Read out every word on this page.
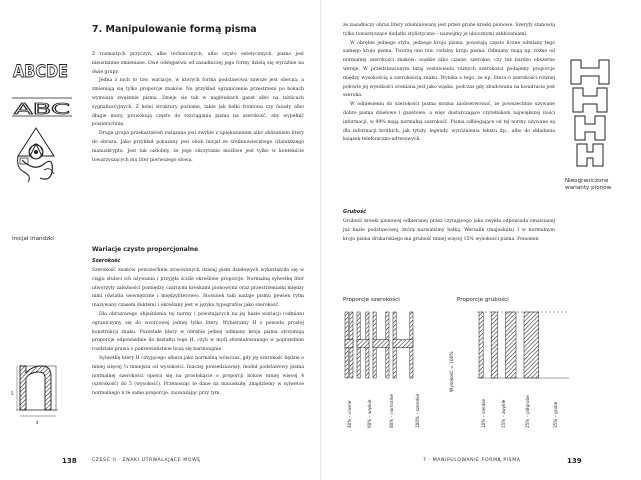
ABCDE
ABC
Inicjał irlandzki
5
4
7. Manipulowanie formą pisma

Z rozmaitych przyczyn, albo technicznych, albo czysto estetycznych, pismo jest nieustannie zmieniane. Owe odstępstwa od zasadniczej jego formy dzielą się wyraźnie na dwie grupy.

Jedna z nich to tzw. wariacje, w których forma podstawowa zawsze jest obecna, a zmieniają się tylko proporcje znaków. Na przykład ograniczenie przestrzeni po bokach wymusza zwężenie pisma. Dzieje się tak w nagłówkach gazet albo na tablicach sygnalizacyjnych. Z kolei struktury poziome, takie jak belki frontonu czy fasady albo długie mury, prowokują często do rozciągania pisma na szerokość, aby wypełnić powierzchnię.

Druga grupa przekształceń związana jest zwykle z upiększaniem albo zbliżaniem litery do obrazu. Jako przykład pokazany jest obok inicjał ze średniowiecznego irlandzkiego manuskryptu. Jest tak ozdobny, że jego odczytanie możliwe jest tylko w kontekście towarzyszących mu liter pierwszego słowa.

Wariacje czysto proporcjonalne
Szerokość

Szerokość znaków powszechnie stosowanych dzisiaj pism dziełowych wykształciła się w ciągu stuleci ich używania i przyjęła ściśle określone proporcje. Normalną sylwetkę liter utworzyły zależności pomiędzy czarnymi kreskami pionowymi oraz przestrzeniami między nimi (światła wewnętrzne i międzyliterowe). Stosunek taki nadaje pismu pewien rytm (nazywany czasem duktem) i określany jest w języku typografów jako szerokość.

Dla obrazowego objaśnienia tej normy i powstających na jej bazie wariacji (odmian) ograniczymy się do wzorcowej jednej tylko litery. Wybieramy H z powodu prostej konstrukcji znaku. Pozostałe litery w obrębie jednej odmiany kroju pisma otrzymują proporcje odpowiednie do kształtu tego H, czyli w myśl sformułowanego w poprzednim rozdziale prawa o pokrewieństwie liczą się harmonijnie.

Sylwetkę litery H cztyjącego albera jako normalną wówczas, gdy jej szerokość będzie o mniej więcej ¼ mniejsza od wysokości. Inaczej powiedziawszy, moduł podstawowy pisma normalnej szerokości opiera się na prostokącie o proporcji boków mniej więcej 4 (szerokość) do 5 (wysokość). Przenosząc te dane na minuskułę, znajdziemy w sylwetce normalnego n te same proporcje, zauważając przy tym,

138	CZĘŚĆ II · ZNAKI UTRWALAJĄCE MOWĘ

że zasadniczy obraz litery zdominowany jest przez grube kreski pionowe. Szeryfy stanowią tylko towarzyszące dodatki stylistyczne – nazwijmy je ubocznymi zakłóceniami.

W obrębie jednego stylu, jednego kroju pisma, powstają często liczne odmiany tego samego kroju pisma. Tworzą one tzw. rodziny kroju pisma. Odmiany mają np. różne od normalnej szerokości znaków: wąskie albo ciasne, szerokie, czy też bardzo obszerne wersje. W przedstawionym tutaj zestawieniu różnych szerokości podajemy proporcje między wysokością a szerokością znaku. Wynika z tego, że np. litera o szerokości równej połowie jej wysokości oceniana jest jako wąska, podczas gdy zbudowana na kwadracie jest szeroka.

W odniesieniu do szerokości pisma można zaobserwować, że powszechnie używane dobre pisma dziełowe i gazetowe, a więc dostarczające czytelnikom największej ilości informacji, w 99% mają normalną szerokość. Pisma odbiegające od tej normy używane są dla informacji krótkich, jak tytuły, legendy, wyróżnienia tekstu itp., albo do składania książek telefoniczno-adresowych.

Grubość

Grubość kreski pionowej odbieranej przez czytającego jako zwykła odpowiada omawianej już bazie podstawowej, którą nazwaliśmy bełką. Wersalik (majuskuła) I w normalnym kroju pisma drukarskiego ma grubość mniej więcej 15% wysokości pisma. Fenomen

Nieograniczone warianty pionów
Proporcje szerokości	Proporcje grubości
Wysokość = 100%
40% – ciasne	60% – wąskie	80% – normalne	100% – szerokie	10% – cienkie	15% – zwykłe	25% – półgrube	35% – grube
7 · MANIPULOWANIE FORMĄ PISMA	139
